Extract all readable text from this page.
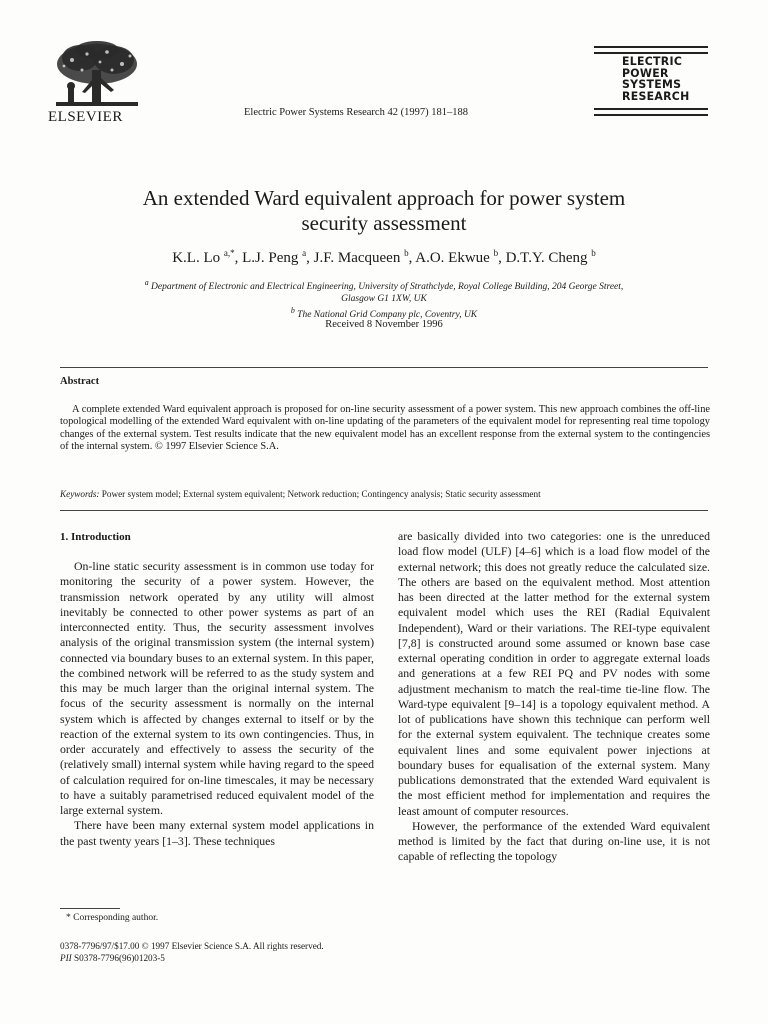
ELSEVIER	Electric Power Systems Research 42 (1997) 181–188
ELECTRIC
POWER
SYSTEMS
RESEARCH
An extended Ward equivalent approach for power system
security assessment
K.L. Lo $^{a,*}$, L.J. Peng $^a$, J.F. Macqueen $^b$, A.O. Ekwue $^b$, D.T.Y. Cheng $^b$
$^a$ Department of Electronic and Electrical Engineering, University of Strathclyde, Royal College Building, 204 George Street,
Glasgow G1 1XW, UK
$^b$ The National Grid Company plc, Coventry, UK
Received 8 November 1996
Abstract
A complete extended Ward equivalent approach is proposed for on-line security assessment of a power system. This new approach combines the off-line topological modelling of the extended Ward equivalent with on-line updating of the parameters of the equivalent model for representing real time topology changes of the external system. Test results indicate that the new equivalent model has an excellent response from the external system to the contingencies of the internal system. © 1997 Elsevier Science S.A.
Keywords: Power system model; External system equivalent; Network reduction; Contingency analysis; Static security assessment
1. Introduction

On-line static security assessment is in common use today for monitoring the security of a power system. However, the transmission network operated by any utility will almost inevitably be connected to other power systems as part of an interconnected entity. Thus, the security assessment involves analysis of the original transmission system (the internal system) connected via boundary buses to an external system. In this paper, the combined network will be referred to as the study system and this may be much larger than the original internal system. The focus of the security assessment is normally on the internal system which is affected by changes external to itself or by the reaction of the external system to its own contingencies. Thus, in order accurately and effectively to assess the security of the (relatively small) internal system while having regard to the speed of calculation required for on-line timescales, it may be necessary to have a suitably parametrised reduced equivalent model of the large external system.

There have been many external system model applications in the past twenty years [1–3]. These techniques

are basically divided into two categories: one is the unreduced load flow model (ULF) [4–6] which is a load flow model of the external network; this does not greatly reduce the calculated size. The others are based on the equivalent method. Most attention has been directed at the latter method for the external system equivalent model which uses the REI (Radial Equivalent Independent), Ward or their variations. The REI-type equivalent [7,8] is constructed around some assumed or known base case external operating condition in order to aggregate external loads and generations at a few REI PQ and PV nodes with some adjustment mechanism to match the real-time tie-line flow. The Ward-type equivalent [9–14] is a topology equivalent method. A lot of publications have shown this technique can perform well for the external system equivalent. The technique creates some equivalent lines and some equivalent power injections at boundary buses for equalisation of the external system. Many publications demonstrated that the extended Ward equivalent is the most efficient method for implementation and requires the least amount of computer resources.

However, the performance of the extended Ward equivalent method is limited by the fact that during on-line use, it is not capable of reflecting the topology

* Corresponding author.
0378-7796/97/$17.00 © 1997 Elsevier Science S.A. All rights reserved.
PII S0378-7796(96)01203-5
